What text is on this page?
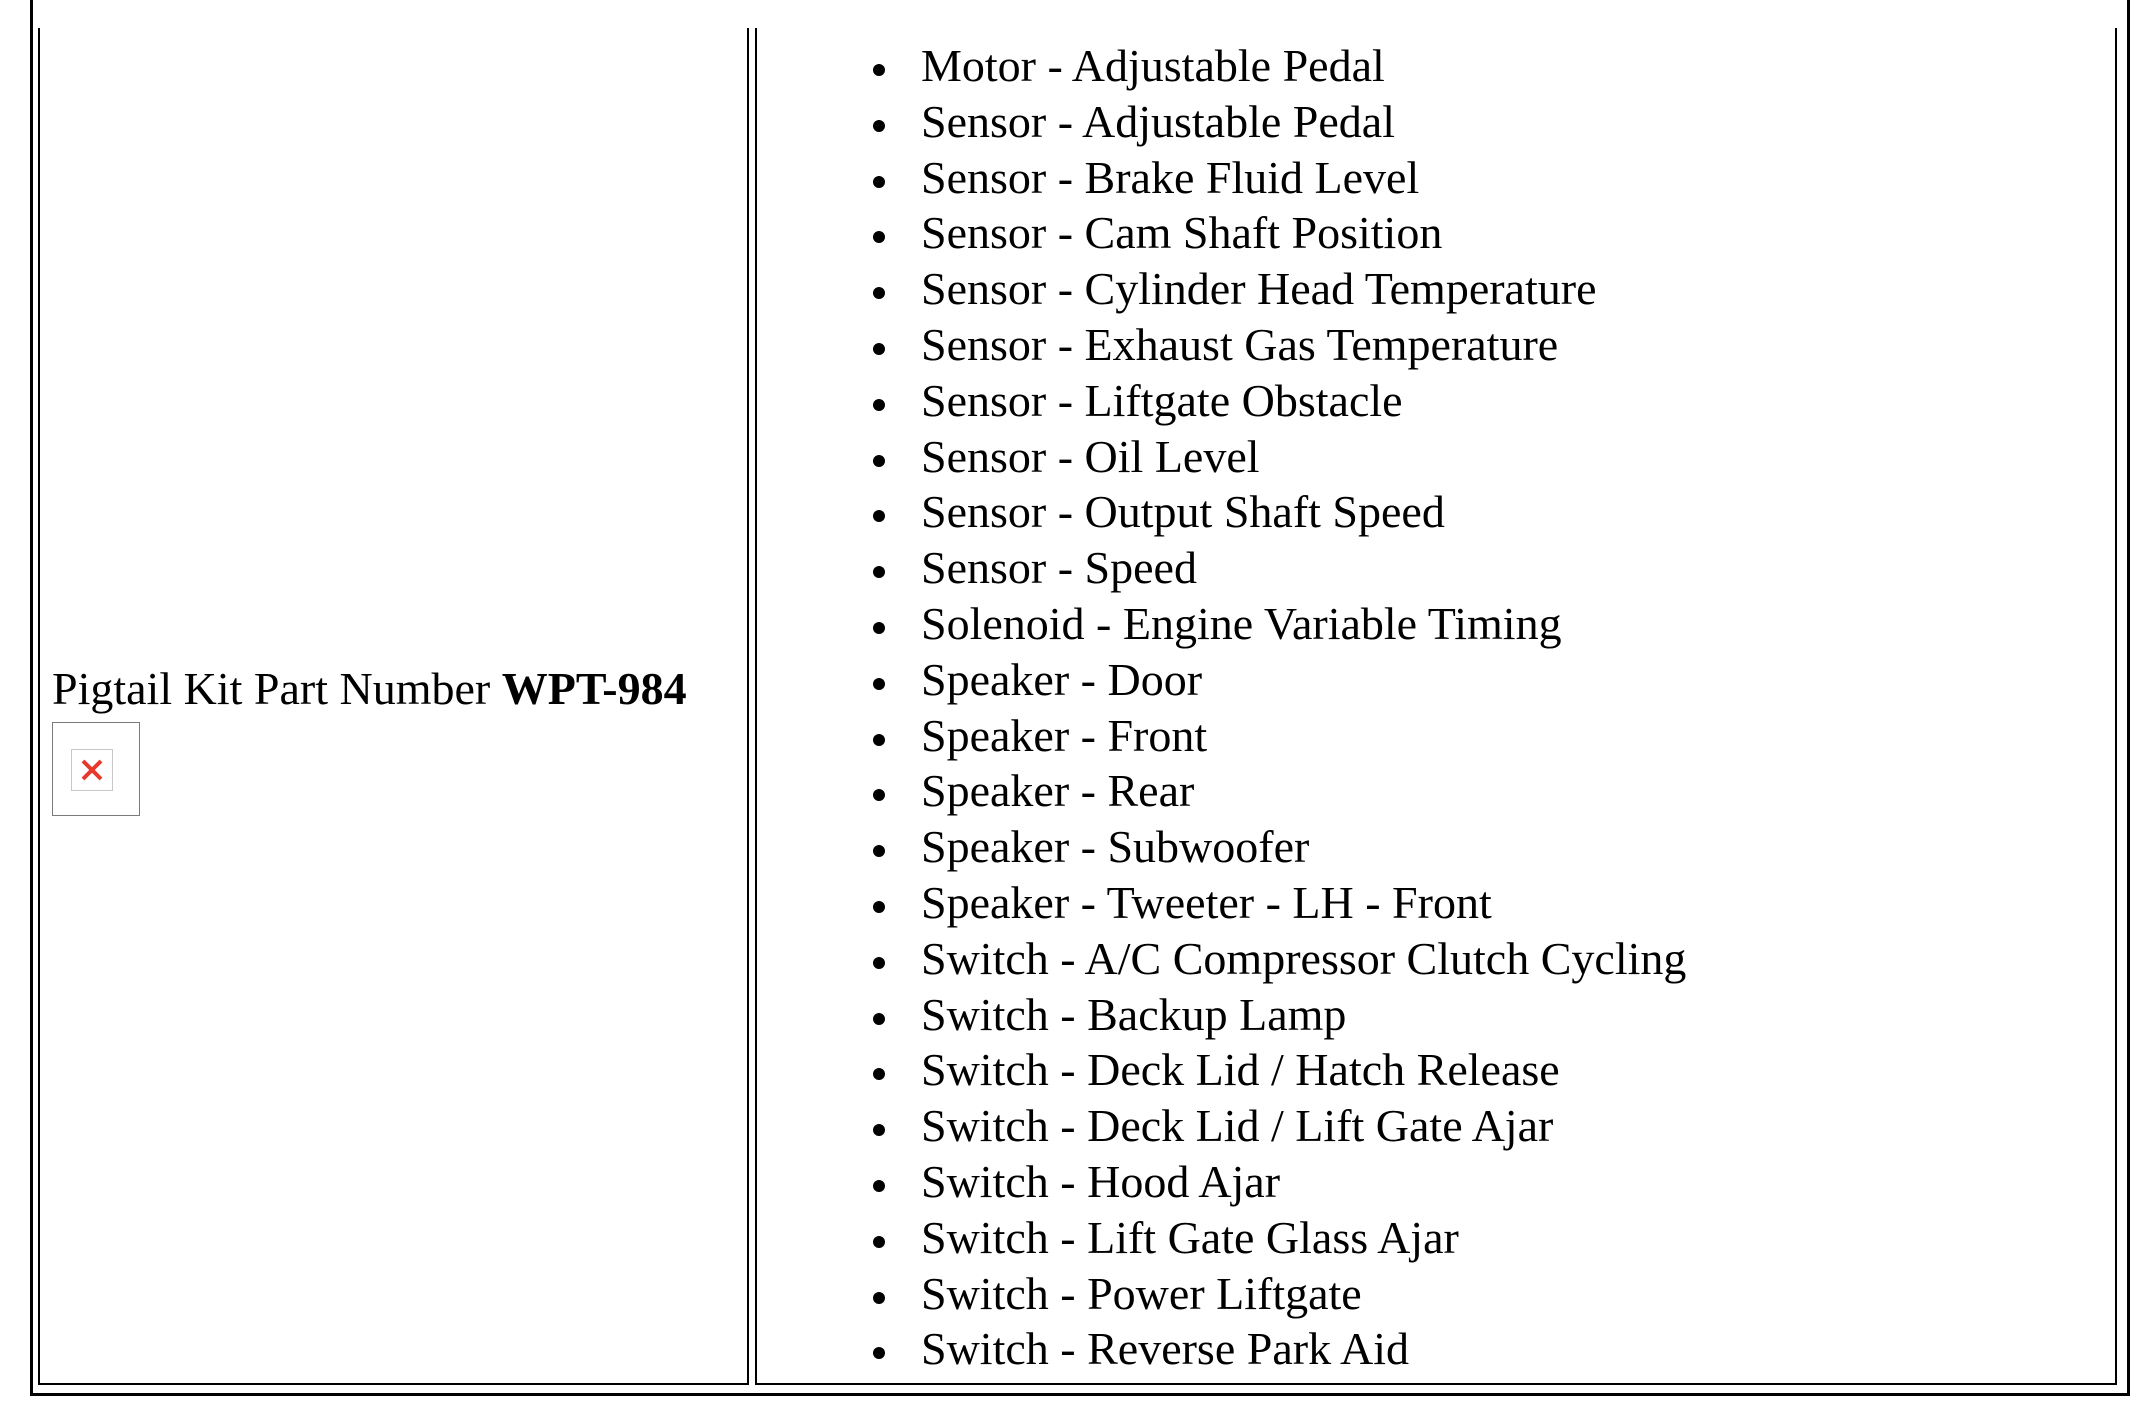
Pigtail Kit Part Number WPT-984
Motor - Adjustable Pedal
Sensor - Adjustable Pedal
Sensor - Brake Fluid Level
Sensor - Cam Shaft Position
Sensor - Cylinder Head Temperature
Sensor - Exhaust Gas Temperature
Sensor - Liftgate Obstacle
Sensor - Oil Level
Sensor - Output Shaft Speed
Sensor - Speed
Solenoid - Engine Variable Timing
Speaker - Door
Speaker - Front
Speaker - Rear
Speaker - Subwoofer
Speaker - Tweeter - LH - Front
Switch - A/C Compressor Clutch Cycling
Switch - Backup Lamp
Switch - Deck Lid / Hatch Release
Switch - Deck Lid / Lift Gate Ajar
Switch - Hood Ajar
Switch - Lift Gate Glass Ajar
Switch - Power Liftgate
Switch - Reverse Park Aid
